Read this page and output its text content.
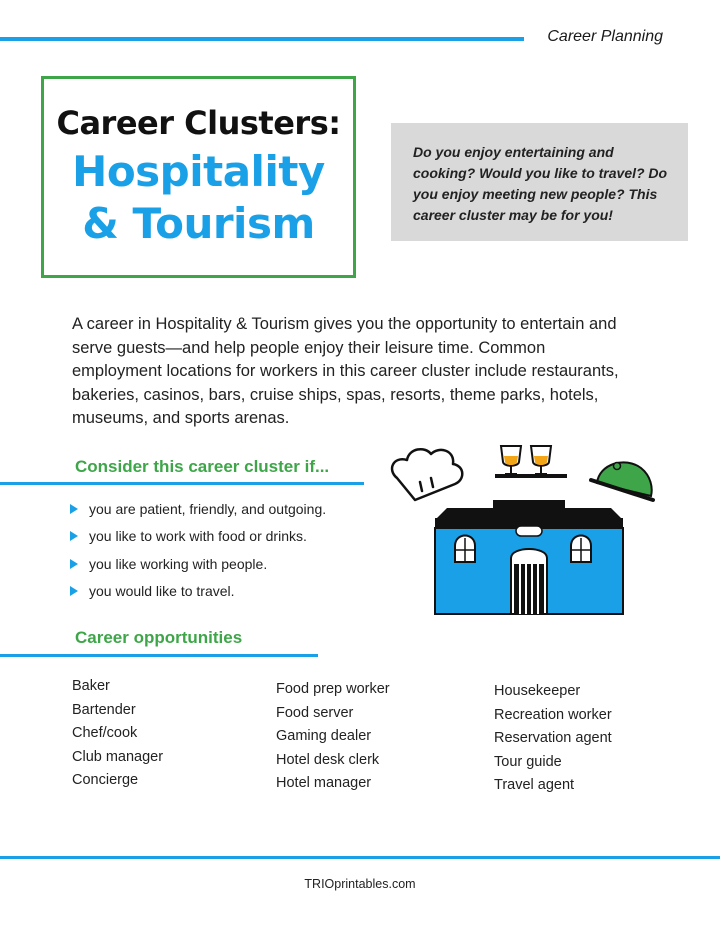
Career Planning
Career Clusters:
Hospitality
& Tourism
Do you enjoy entertaining and cooking? Would you like to travel? Do you enjoy meeting new people? This career cluster may be for you!
A career in Hospitality & Tourism gives you the opportunity to entertain and serve guests—and help people enjoy their leisure time. Common employment locations for workers in this career cluster include restaurants, bakeries, casinos, bars, cruise ships, spas, resorts, theme parks, hotels, museums, and sports arenas.
Consider this career cluster if...
you are patient, friendly, and outgoing.
you like to work with food or drinks.
you like working with people.
you would like to travel.
Career opportunities
Baker
Bartender
Chef/cook
Club manager
Concierge
Food prep worker
Food server
Gaming dealer
Hotel desk clerk
Hotel manager
Housekeeper
Recreation worker
Reservation agent
Tour guide
Travel agent
TRIOprintables.com
